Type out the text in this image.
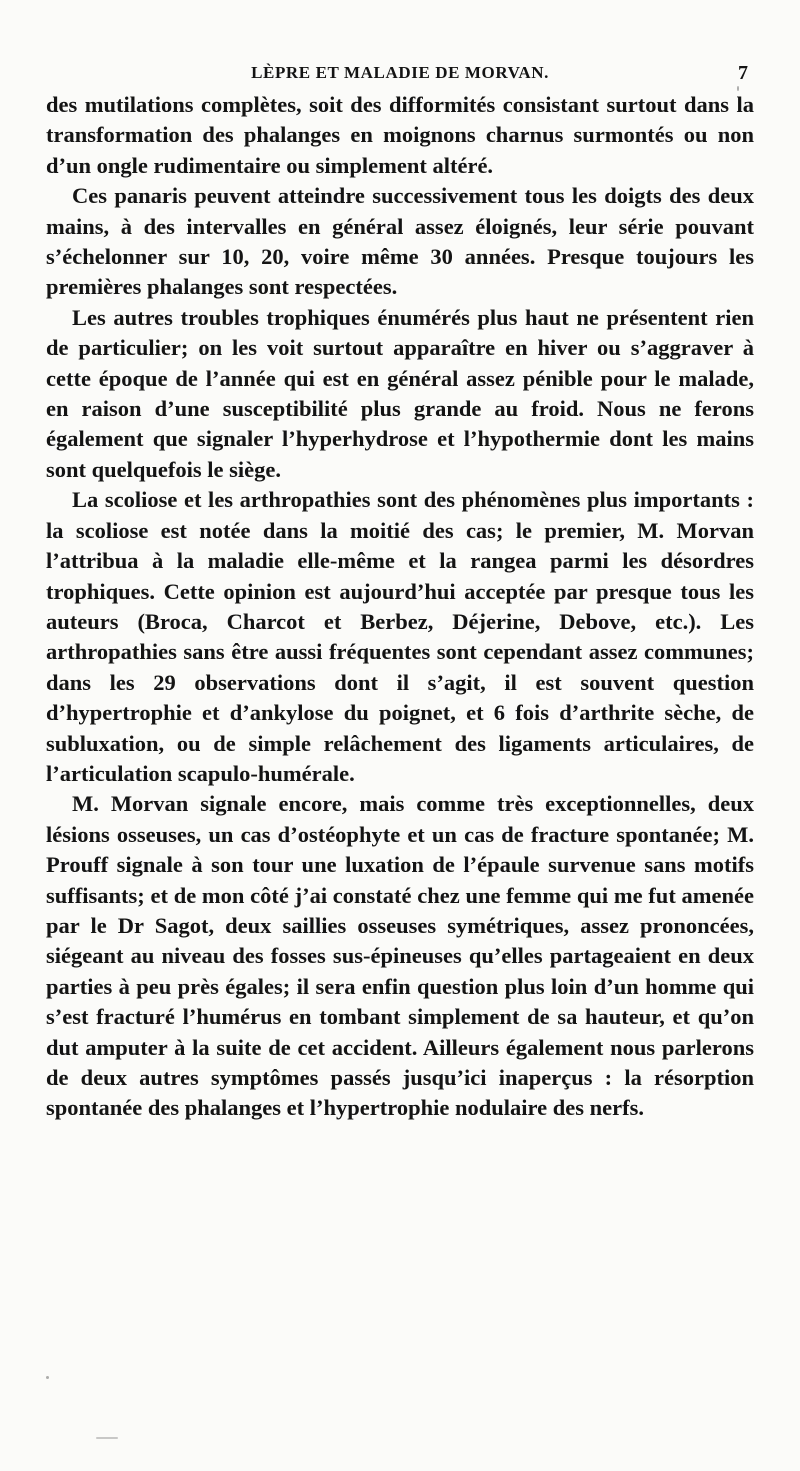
LÈPRE ET MALADIE DE MORVAN.	7

des mutilations complètes, soit des difformités consistant surtout dans la transformation des phalanges en moignons charnus surmontés ou non d’un ongle rudimentaire ou simplement altéré.

Ces panaris peuvent atteindre successivement tous les doigts des deux mains, à des intervalles en général assez éloignés, leur série pouvant s’échelonner sur 10, 20, voire même 30 années. Presque toujours les premières phalanges sont respectées.

Les autres troubles trophiques énumérés plus haut ne présentent rien de particulier; on les voit surtout apparaître en hiver ou s’aggraver à cette époque de l’année qui est en général assez pénible pour le malade, en raison d’une susceptibilité plus grande au froid. Nous ne ferons également que signaler l’hyperhydrose et l’hypothermie dont les mains sont quelquefois le siège.

La scoliose et les arthropathies sont des phénomènes plus importants : la scoliose est notée dans la moitié des cas; le premier, M. Morvan l’attribua à la maladie elle-même et la rangea parmi les désordres trophiques. Cette opinion est aujourd’hui acceptée par presque tous les auteurs (Broca, Charcot et Berbez, Déjerine, Debove, etc.). Les arthropathies sans être aussi fréquentes sont cependant assez communes; dans les 29 observations dont il s’agit, il est souvent question d’hypertrophie et d’ankylose du poignet, et 6 fois d’arthrite sèche, de subluxation, ou de simple relâchement des ligaments articulaires, de l’articulation scapulo-humérale.

M. Morvan signale encore, mais comme très exceptionnelles, deux lésions osseuses, un cas d’ostéophyte et un cas de fracture spontanée; M. Prouff signale à son tour une luxation de l’épaule survenue sans motifs suffisants; et de mon côté j’ai constaté chez une femme qui me fut amenée par le Dr Sagot, deux saillies osseuses symétriques, assez prononcées, siégeant au niveau des fosses sus-épineuses qu’elles partageaient en deux parties à peu près égales; il sera enfin question plus loin d’un homme qui s’est fracturé l’humérus en tombant simplement de sa hauteur, et qu’on dut amputer à la suite de cet accident. Ailleurs également nous parlerons de deux autres symptômes passés jusqu’ici inaperçus : la résorption spontanée des phalanges et l’hypertrophie nodulaire des nerfs.
